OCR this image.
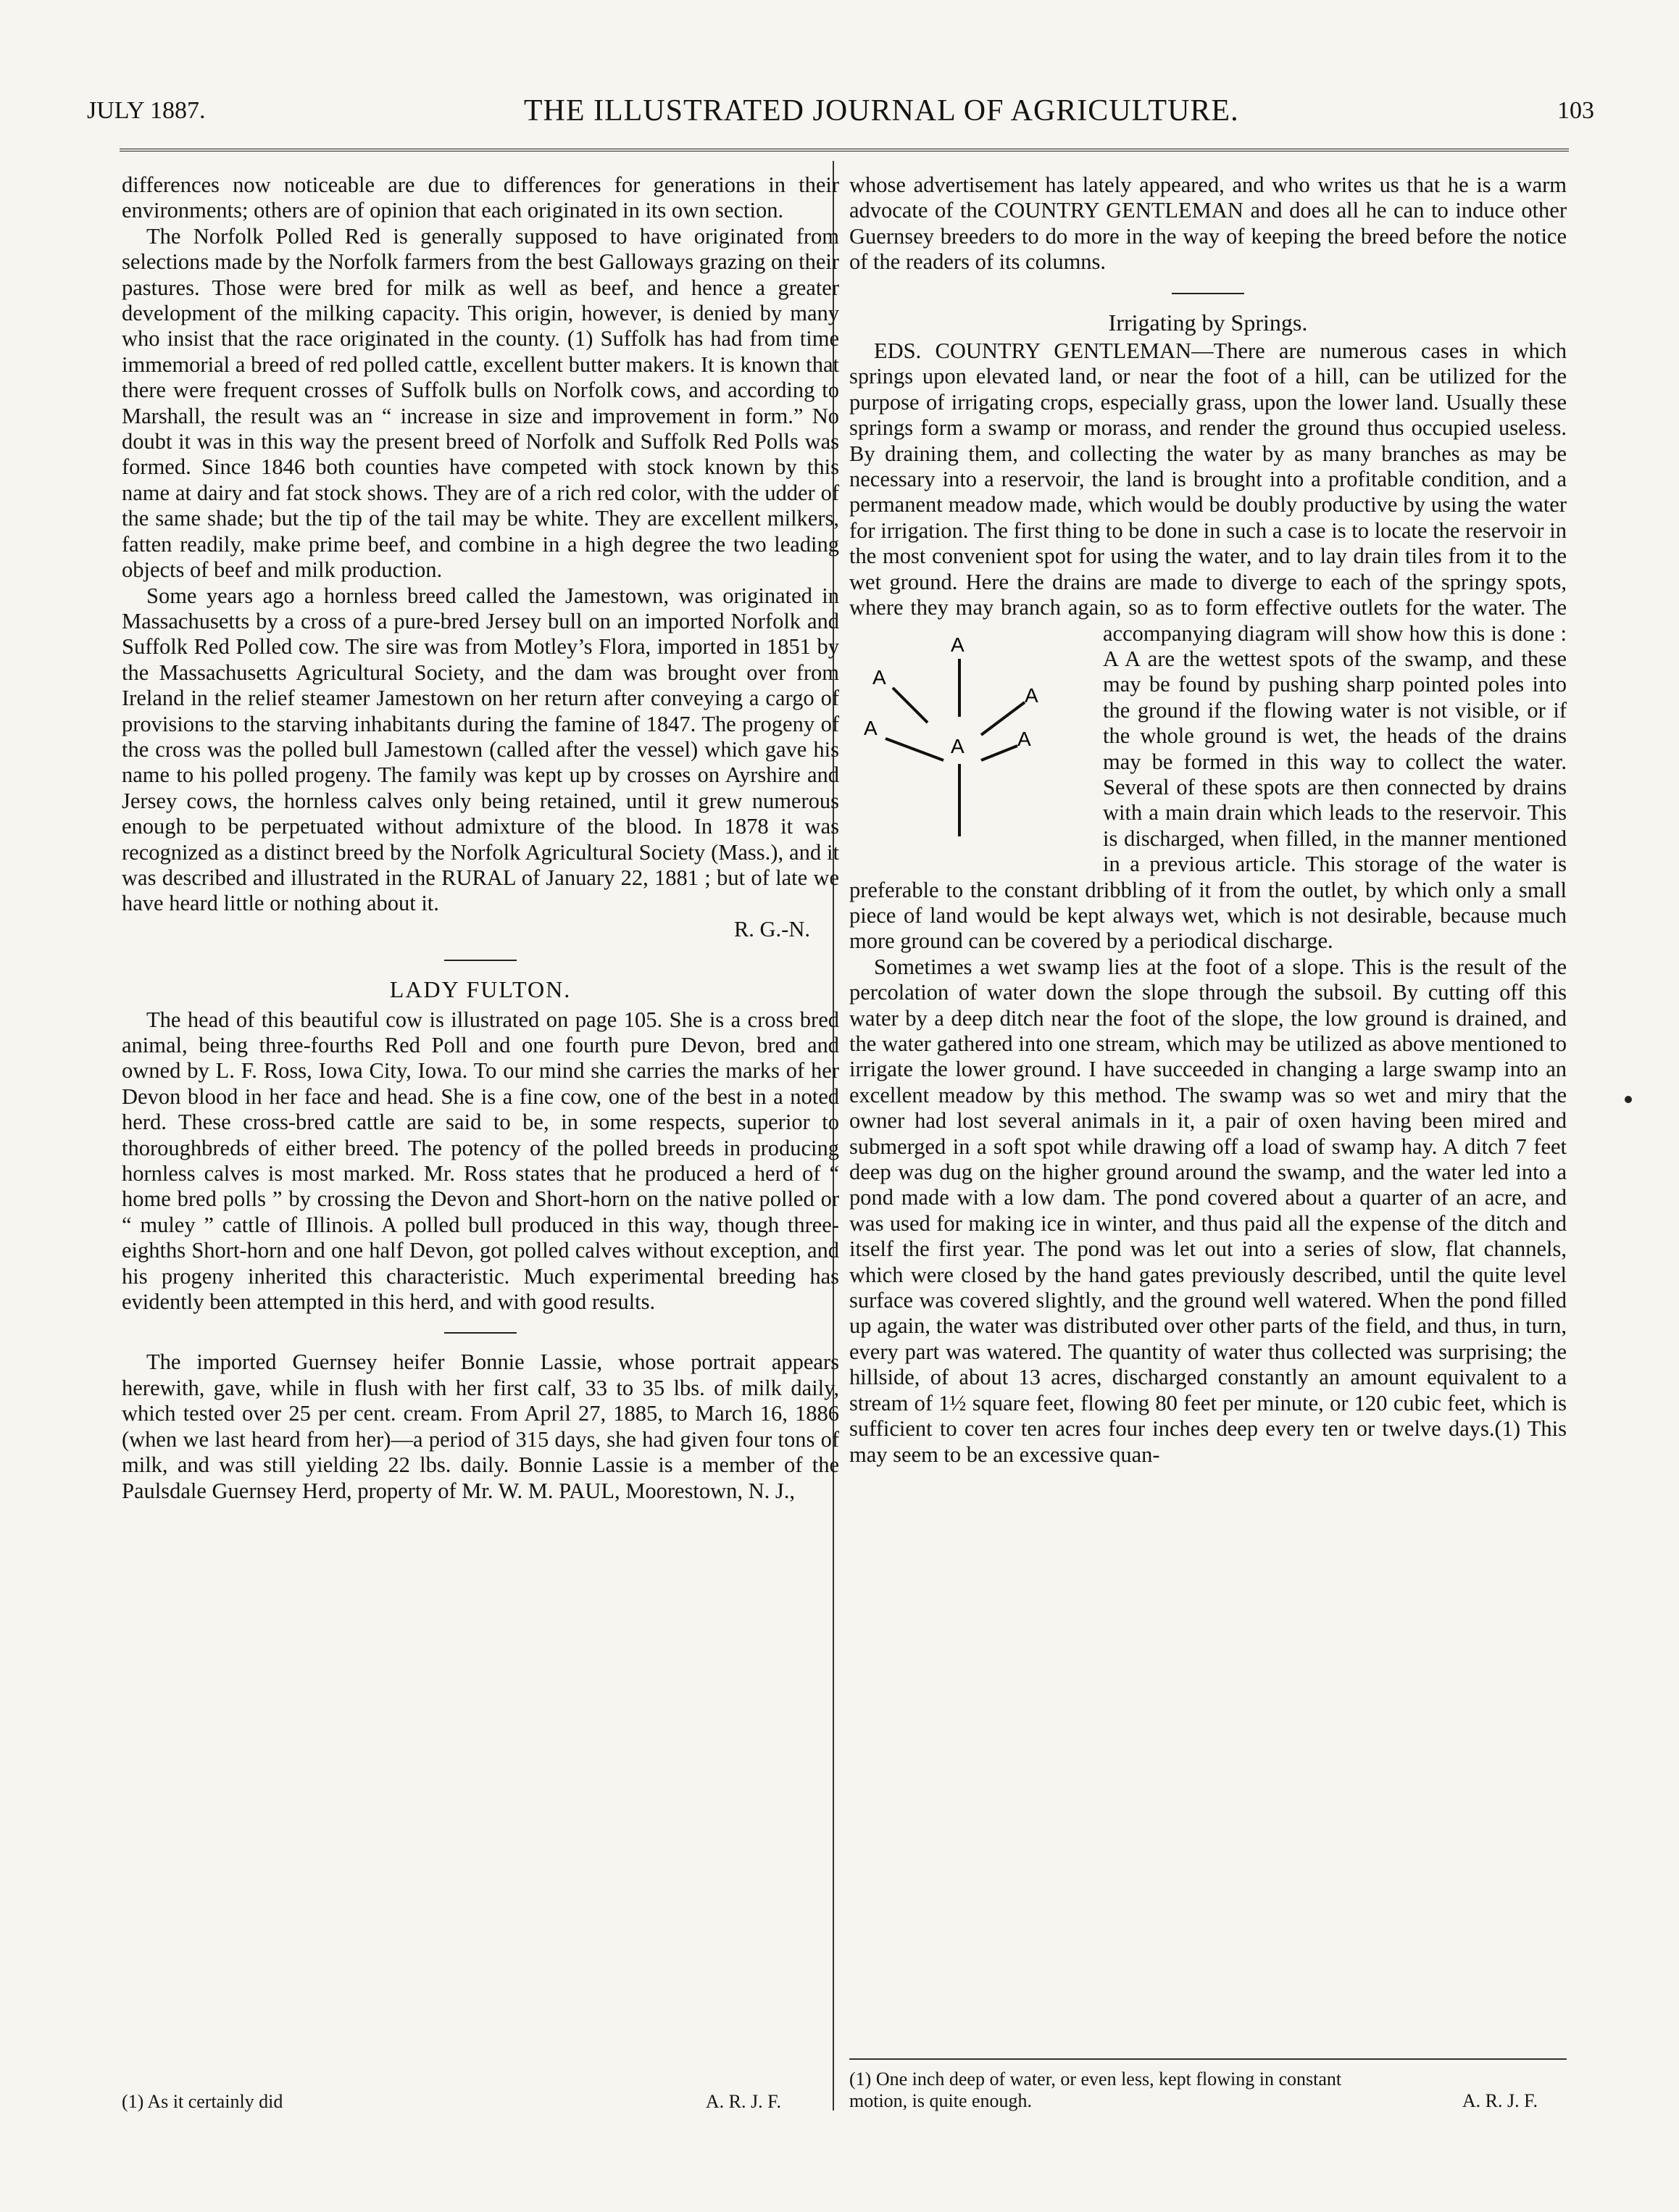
JULY 1887.	THE ILLUSTRATED JOURNAL OF AGRICULTURE.	103

differences now noticeable are due to differences for generations in their environments; others are of opinion that each originated in its own section.

The Norfolk Polled Red is generally supposed to have originated from selections made by the Norfolk farmers from the best Galloways grazing on their pastures. Those were bred for milk as well as beef, and hence a greater development of the milking capacity. This origin, however, is denied by many who insist that the race originated in the county. (1) Suffolk has had from time immemorial a breed of red polled cattle, excellent butter makers. It is known that there were frequent crosses of Suffolk bulls on Norfolk cows, and according to Marshall, the result was an “ increase in size and improvement in form.” No doubt it was in this way the present breed of Norfolk and Suffolk Red Polls was formed. Since 1846 both counties have competed with stock known by this name at dairy and fat stock shows. They are of a rich red color, with the udder of the same shade; but the tip of the tail may be white. They are excellent milkers, fatten readily, make prime beef, and combine in a high degree the two leading objects of beef and milk production.

Some years ago a hornless breed called the Jamestown, was originated in Massachusetts by a cross of a pure-bred Jersey bull on an imported Norfolk and Suffolk Red Polled cow. The sire was from Motley’s Flora, imported in 1851 by the Massachusetts Agricultural Society, and the dam was brought over from Ireland in the relief steamer Jamestown on her return after conveying a cargo of provisions to the starving inhabitants during the famine of 1847. The progeny of the cross was the polled bull Jamestown (called after the vessel) which gave his name to his polled progeny. The family was kept up by crosses on Ayrshire and Jersey cows, the hornless calves only being retained, until it grew numerous enough to be perpetuated without admixture of the blood. In 1878 it was recognized as a distinct breed by the Norfolk Agricultural Society (Mass.), and it was described and illustrated in the RURAL of January 22, 1881 ; but of late we have heard little or nothing about it.

R. G.-N.
LADY FULTON.

The head of this beautiful cow is illustrated on page 105. She is a cross bred animal, being three-fourths Red Poll and one fourth pure Devon, bred and owned by L. F. Ross, Iowa City, Iowa. To our mind she carries the marks of her Devon blood in her face and head. She is a fine cow, one of the best in a noted herd. These cross-bred cattle are said to be, in some respects, superior to thoroughbreds of either breed. The potency of the polled breeds in producing hornless calves is most marked. Mr. Ross states that he produced a herd of “ home bred polls ” by crossing the Devon and Short-horn on the native polled or “ muley ” cattle of Illinois. A polled bull produced in this way, though three-eighths Short-horn and one half Devon, got polled calves without exception, and his progeny inherited this characteristic. Much experimental breeding has evidently been attempted in this herd, and with good results.

The imported Guernsey heifer Bonnie Lassie, whose portrait appears herewith, gave, while in flush with her first calf, 33 to 35 lbs. of milk daily, which tested over 25 per cent. cream. From April 27, 1885, to March 16, 1886 (when we last heard from her)—a period of 315 days, she had given four tons of milk, and was still yielding 22 lbs. daily. Bonnie Lassie is a member of the Paulsdale Guernsey Herd, property of Mr. W. M. PAUL, Moorestown, N. J.,

(1) As it certainly did	A. R. J. F.

whose advertisement has lately appeared, and who writes us that he is a warm advocate of the COUNTRY GENTLEMAN and does all he can to induce other Guernsey breeders to do more in the way of keeping the breed before the notice of the readers of its columns.

Irrigating by Springs.

EDS. COUNTRY GENTLEMAN—There are numerous cases in which springs upon elevated land, or near the foot of a hill, can be utilized for the purpose of irrigating crops, especially grass, upon the lower land. Usually these springs form a swamp or morass, and render the ground thus occupied useless. By draining them, and collecting the water by as many branches as may be necessary into a reservoir, the land is brought into a profitable condition, and a permanent meadow made, which would be doubly productive by using the water for irrigation. The first thing to be done in such a case is to locate the reservoir in the most convenient spot for using the water, and to lay drain tiles from it to the wet ground. Here the drains are made to diverge to each of the springy spots, where they may branch again, so as to form effective outlets for the water. The accompanying diagram will show how this
is done : A A are the wettest spots of the swamp, and these may be found by pushing sharp pointed poles into the ground if the flowing water is not visible, or if the whole ground is wet, the heads of the drains may be formed in this way to collect the water. Several of these spots are then connected by drains with a main drain which leads to the reservoir. This is discharged, when filled, in the manner mentioned in a previous article. This storage of the water is preferable to the constant dribbling of it from the outlet, by which only a small piece of land would be kept always wet, which is not desirable, because much more ground can be covered by a periodical discharge.

Sometimes a wet swamp lies at the foot of a slope. This is the result of the percolation of water down the slope through the subsoil. By cutting off this water by a deep ditch near the foot of the slope, the low ground is drained, and the water gathered into one stream, which may be utilized as above mentioned to irrigate the lower ground. I have succeeded in changing a large swamp into an excellent meadow by this method. The swamp was so wet and miry that the owner had lost several animals in it, a pair of oxen having been mired and submerged in a soft spot while drawing off a load of swamp hay. A ditch 7 feet deep was dug on the higher ground around the swamp, and the water led into a pond made with a low dam. The pond covered about a quarter of an acre, and was used for making ice in winter, and thus paid all the expense of the ditch and itself the first year. The pond was let out into a series of slow, flat channels, which were closed by the hand gates previously described, until the quite level surface was covered slightly, and the ground well watered. When the pond filled up again, the water was distributed over other parts of the field, and thus, in turn, every part was watered. The quantity of water thus collected was surprising; the hillside, of about 13 acres, discharged constantly an amount equivalent to a stream of 1½ square feet, flowing 80 feet per minute, or 120 cubic feet, which is sufficient to cover ten acres four inches deep every ten or twelve days.(1) This may seem to be an excessive quan-

A
A
A
A
A	A
(1) One inch deep of water, or even less, kept flowing in constant
motion, is quite enough.	A. R. J. F.
